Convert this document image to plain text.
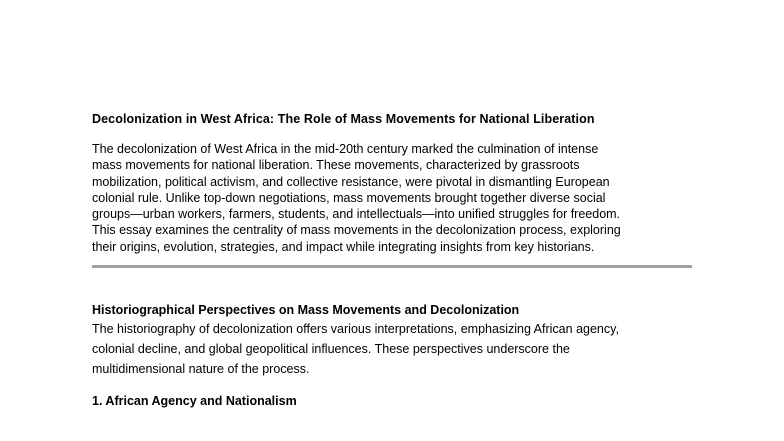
Decolonization in West Africa: The Role of Mass Movements for National Liberation

The decolonization of West Africa in the mid-20th century marked the culmination of intense
mass movements for national liberation. These movements, characterized by grassroots
mobilization, political activism, and collective resistance, were pivotal in dismantling European
colonial rule. Unlike top-down negotiations, mass movements brought together diverse social
groups—urban workers, farmers, students, and intellectuals—into unified struggles for freedom.
This essay examines the centrality of mass movements in the decolonization process, exploring
their origins, evolution, strategies, and impact while integrating insights from key historians.

Historiographical Perspectives on Mass Movements and Decolonization

The historiography of decolonization offers various interpretations, emphasizing African agency,
colonial decline, and global geopolitical influences. These perspectives underscore the
multidimensional nature of the process.

1. African Agency and Nationalism
